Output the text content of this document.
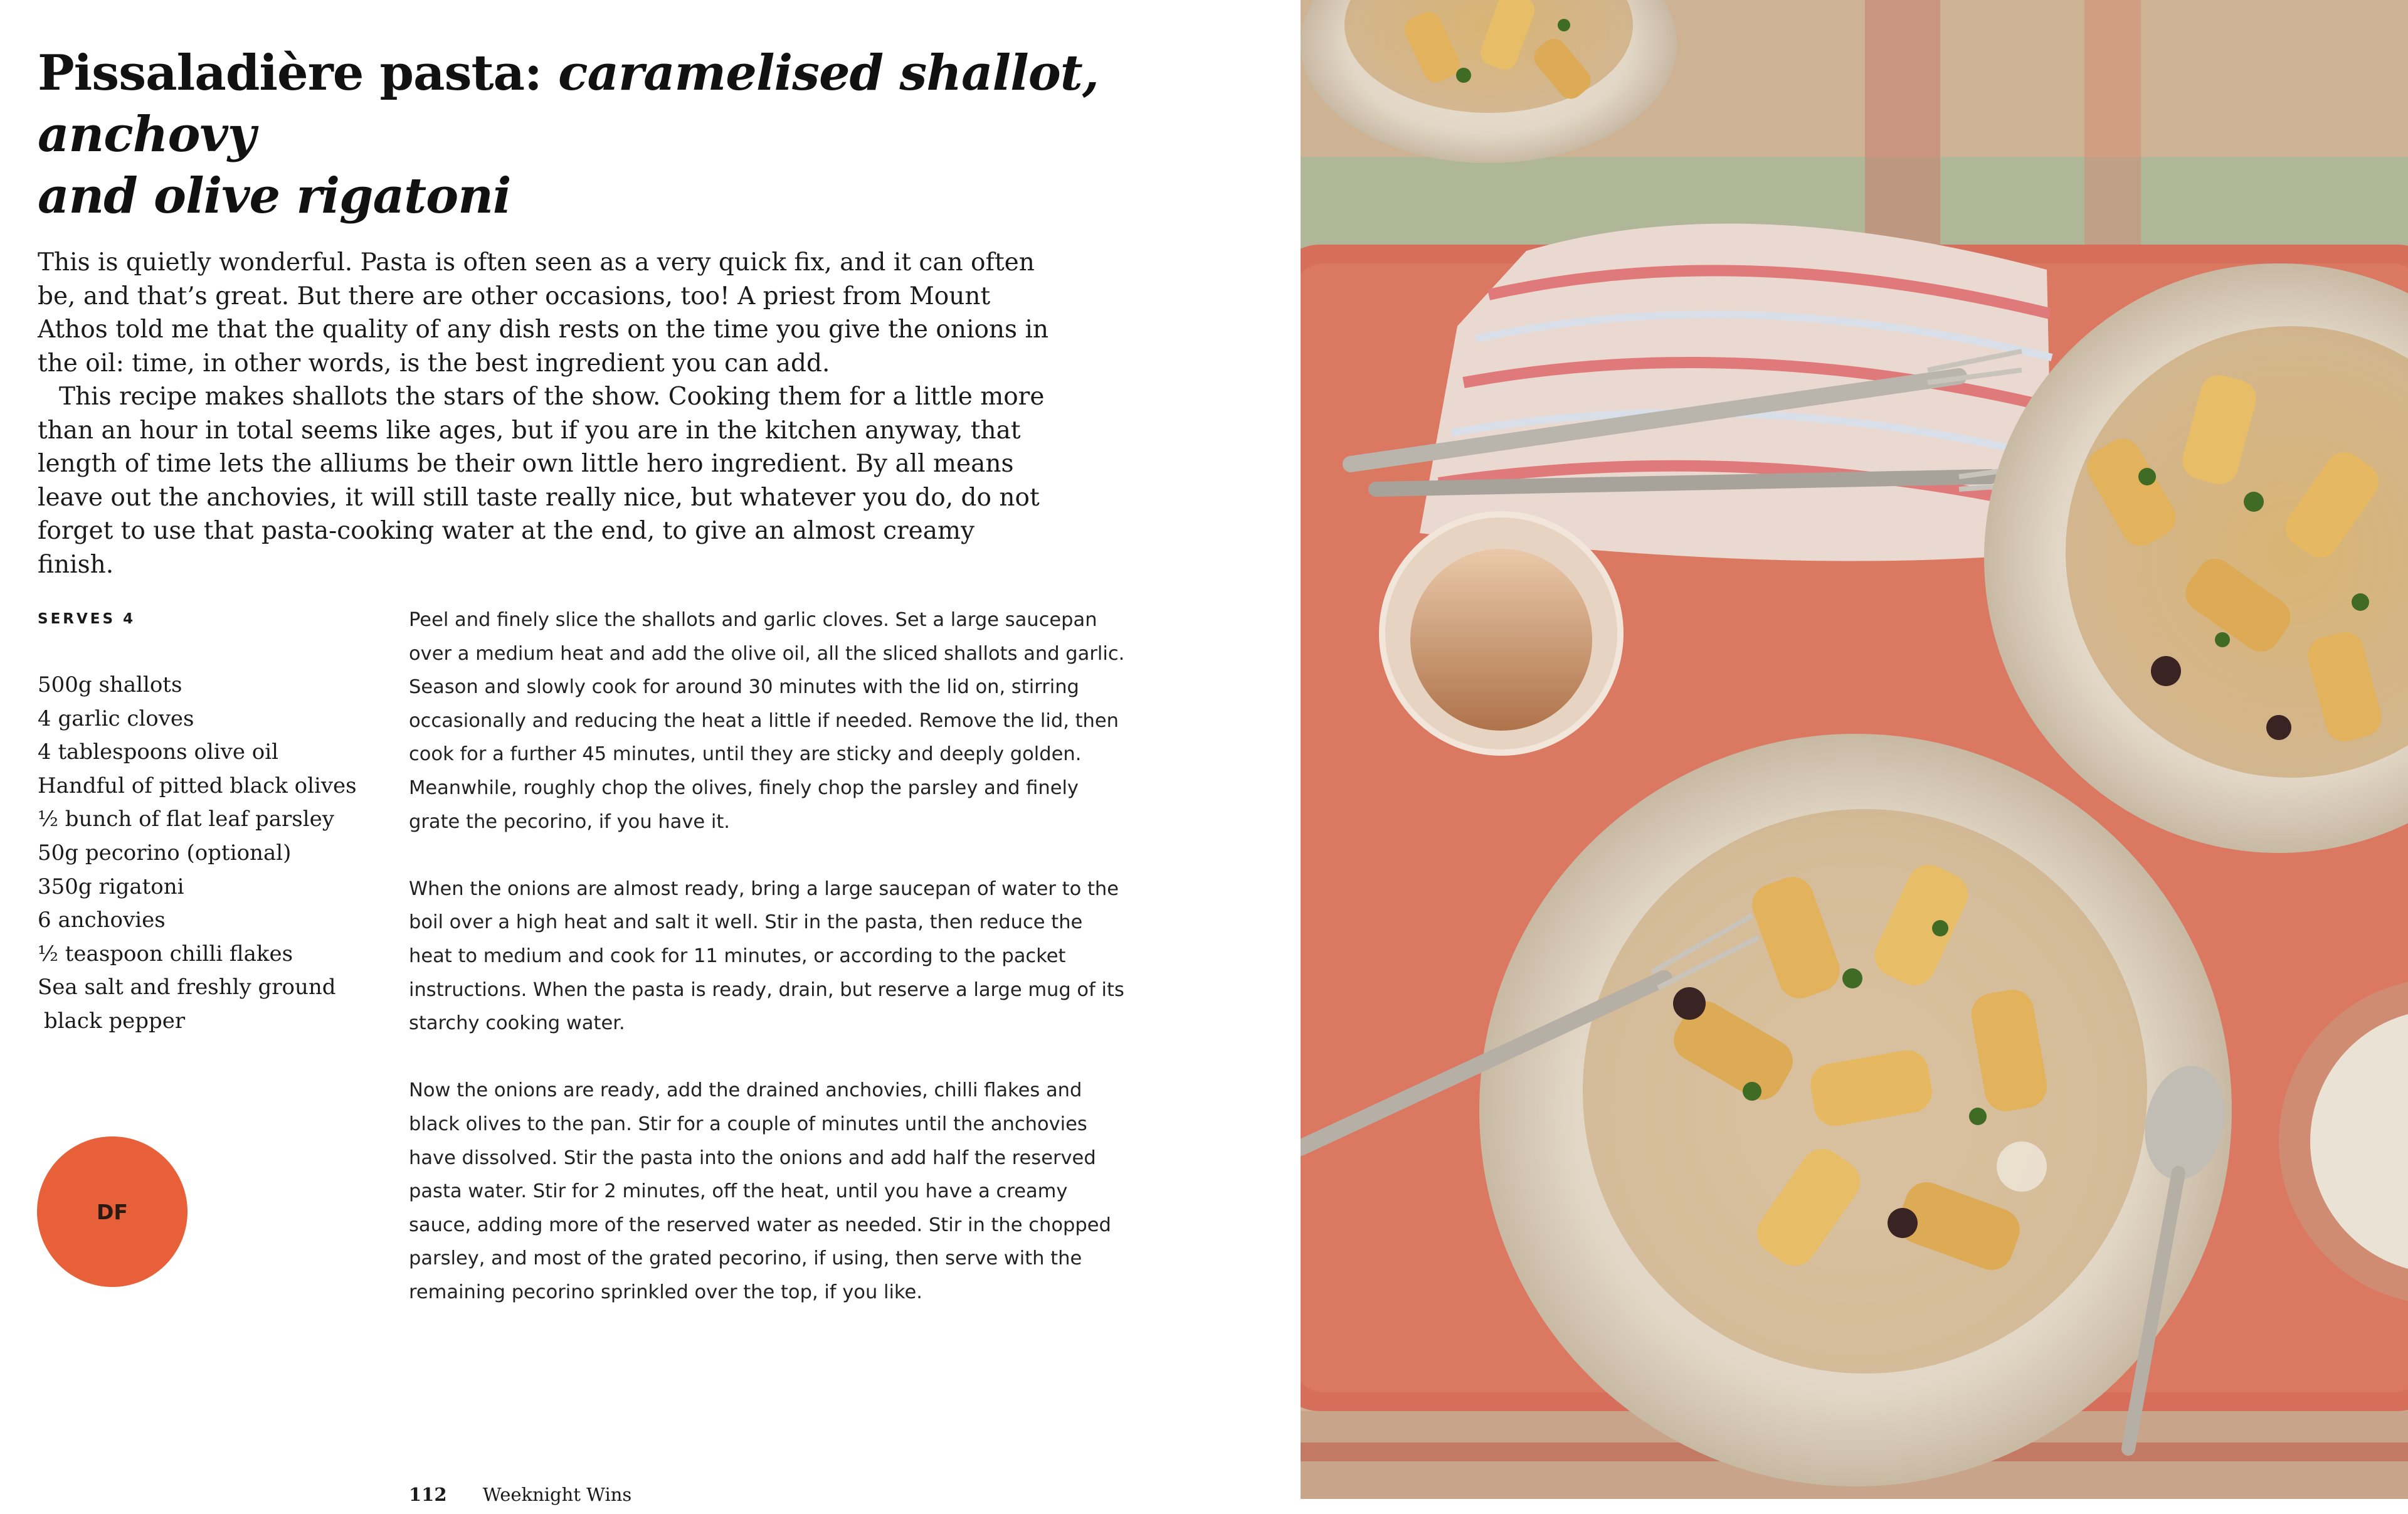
Pissaladière pasta: caramelised shallot, anchovy
and olive rigatoni

This is quietly wonderful. Pasta is often seen as a very quick fix, and it can often be, and that’s great. But there are other occasions, too! A priest from Mount Athos told me that the quality of any dish rests on the time you give the onions in the oil: time, in other words, is the best ingredient you can add.

This recipe makes shallots the stars of the show. Cooking them for a little more than an hour in total seems like ages, but if you are in the kitchen anyway, that length of time lets the alliums be their own little hero ingredient. By all means leave out the anchovies, it will still taste really nice, but whatever you do, do not forget to use that pasta-cooking water at the end, to give an almost creamy finish.

SERVES 4
500g shallots
4 garlic cloves
4 tablespoons olive oil
Handful of pitted black olives
½ bunch of flat leaf parsley
50g pecorino (optional)
350g rigatoni
6 anchovies
½ teaspoon chilli flakes
Sea salt and freshly ground
black pepper

Peel and finely slice the shallots and garlic cloves. Set a large saucepan over a medium heat and add the olive oil, all the sliced shallots and garlic. Season and slowly cook for around 30 minutes with the lid on, stirring occasionally and reducing the heat a little if needed. Remove the lid, then cook for a further 45 minutes, until they are sticky and deeply golden. Meanwhile, roughly chop the olives, finely chop the parsley and finely grate the pecorino, if you have it.

When the onions are almost ready, bring a large saucepan of water to the boil over a high heat and salt it well. Stir in the pasta, then reduce the heat to medium and cook for 11 minutes, or according to the packet instructions. When the pasta is ready, drain, but reserve a large mug of its starchy cooking water.

Now the onions are ready, add the drained anchovies, chilli flakes and black olives to the pan. Stir for a couple of minutes until the anchovies have dissolved. Stir the pasta into the onions and add half the reserved pasta water. Stir for 2 minutes, off the heat, until you have a creamy sauce, adding more of the reserved water as needed. Stir in the chopped parsley, and most of the grated pecorino, if using, then serve with the remaining pecorino sprinkled over the top, if you like.

DF
112 Weeknight Wins
